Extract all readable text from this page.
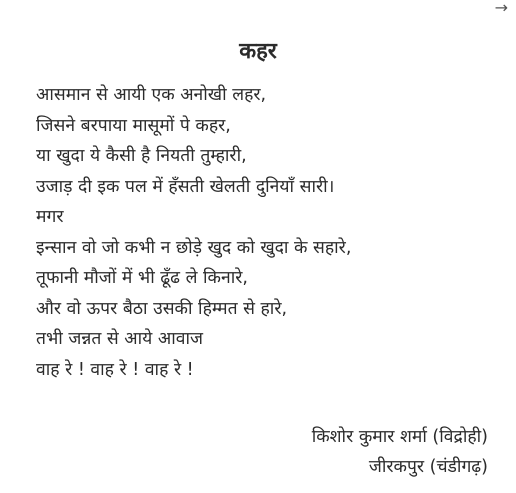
→
कहर
आसमान से आयी एक अनोखी लहर,
जिसने बरपाया मासूमों पे कहर,
या खुदा ये कैसी है नियती तुम्हारी,
उजाड़ दी इक पल में हँसती खेलती दुनियाँ सारी।
मगर
इन्सान वो जो कभी न छोड़े खुद को खुदा के सहारे,
तूफानी मौजों में भी ढूँढ ले किनारे,
और वो ऊपर बैठा उसकी हिम्मत से हारे,
तभी जन्नत से आये आवाज
वाह रे ! वाह रे ! वाह रे !
किशोर कुमार शर्मा (विद्रोही)
जीरकपुर (चंडीगढ़)
